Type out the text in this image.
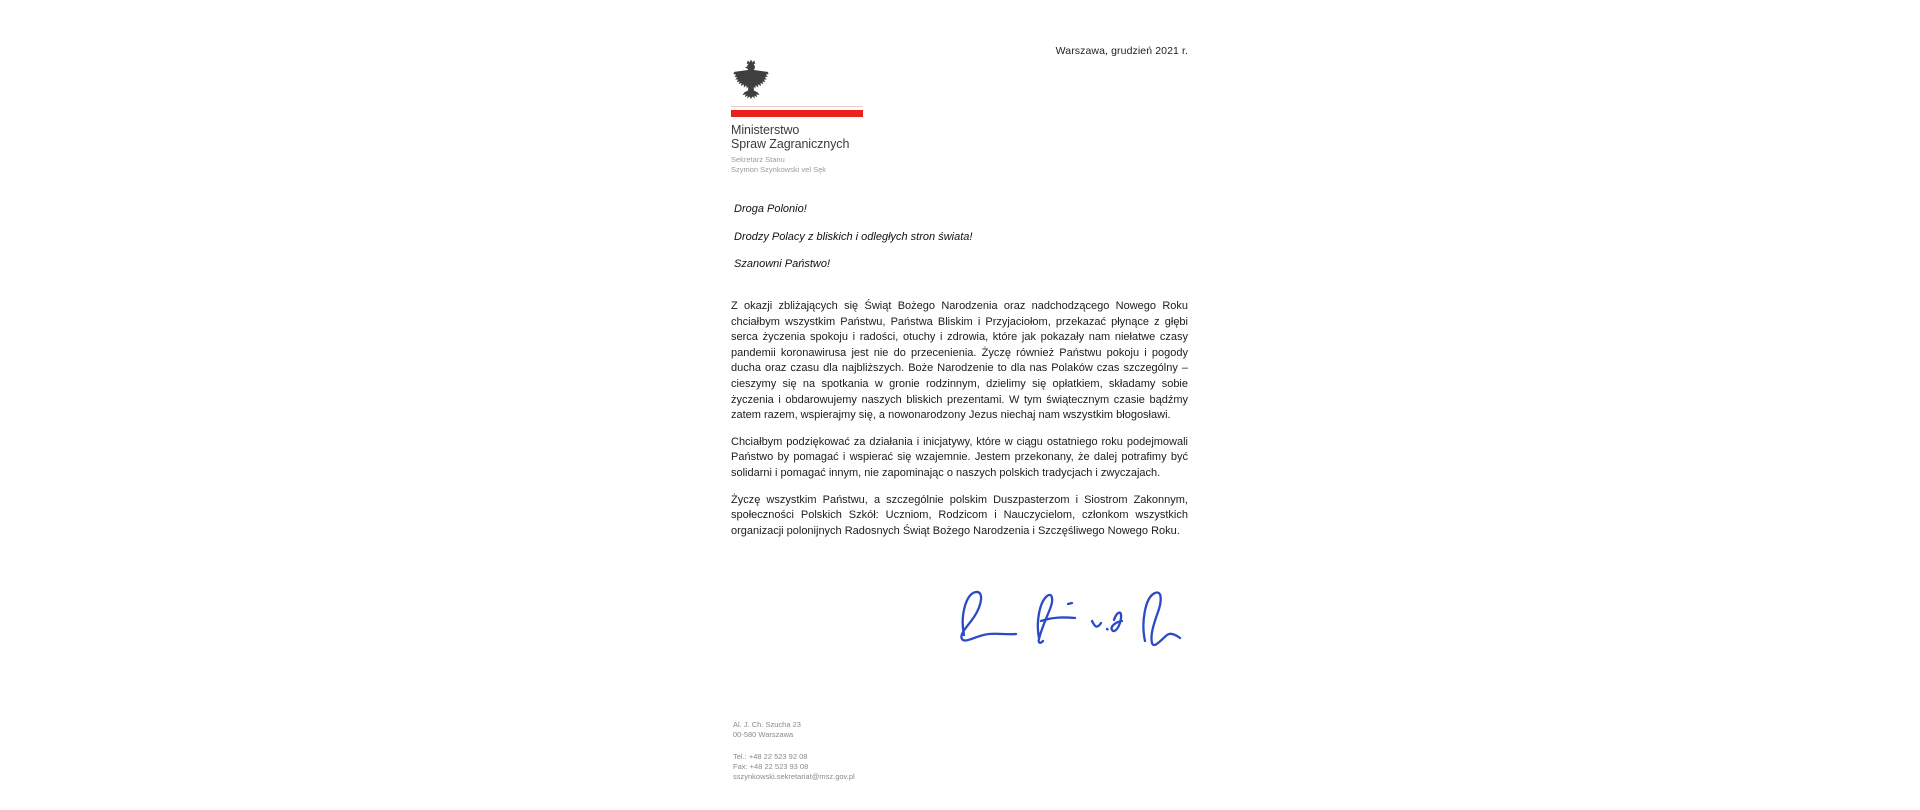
Warszawa, grudzień 2021 r.
Ministerstwo
Spraw Zagranicznych
Sekretarz Stanu
Szymon Szynkowski vel Sęk
Droga Polonio!
Drodzy Polacy z bliskich i odległych stron świata!
Szanowni Państwo!

Z okazji zbliżających się Świąt Bożego Narodzenia oraz nadchodzącego Nowego Roku chciałbym wszystkim Państwu, Państwa Bliskim i Przyjaciołom, przekazać płynące z głębi serca życzenia spokoju i radości, otuchy i zdrowia, które jak pokazały nam niełatwe czasy pandemii koronawirusa jest nie do przecenienia. Życzę również Państwu pokoju i pogody ducha oraz czasu dla najbliższych. Boże Narodzenie to dla nas Polaków czas szczególny – cieszymy się na spotkania w gronie rodzinnym, dzielimy się opłatkiem, składamy sobie życzenia i obdarowujemy naszych bliskich prezentami. W tym świątecznym czasie bądźmy zatem razem, wspierajmy się, a nowonarodzony Jezus niechaj nam wszystkim błogosławi.

Chciałbym podziękować za działania i inicjatywy, które w ciągu ostatniego roku podejmowali Państwo by pomagać i wspierać się wzajemnie. Jestem przekonany, że dalej potrafimy być solidarni i pomagać innym, nie zapominając o naszych polskich tradycjach i zwyczajach.

Życzę wszystkim Państwu, a szczególnie polskim Duszpasterzom i Siostrom Zakonnym, społeczności Polskich Szkół: Uczniom, Rodzicom i Nauczycielom, członkom wszystkich organizacji polonijnych Radosnych Świąt Bożego Narodzenia i Szczęśliwego Nowego Roku.

Al. J. Ch. Szucha 23
00-580 Warszawa
Tel.: +48 22 523 92 08
Fax: +48 22 523 93 08
sszynkowski.sekretariat@msz.gov.pl
